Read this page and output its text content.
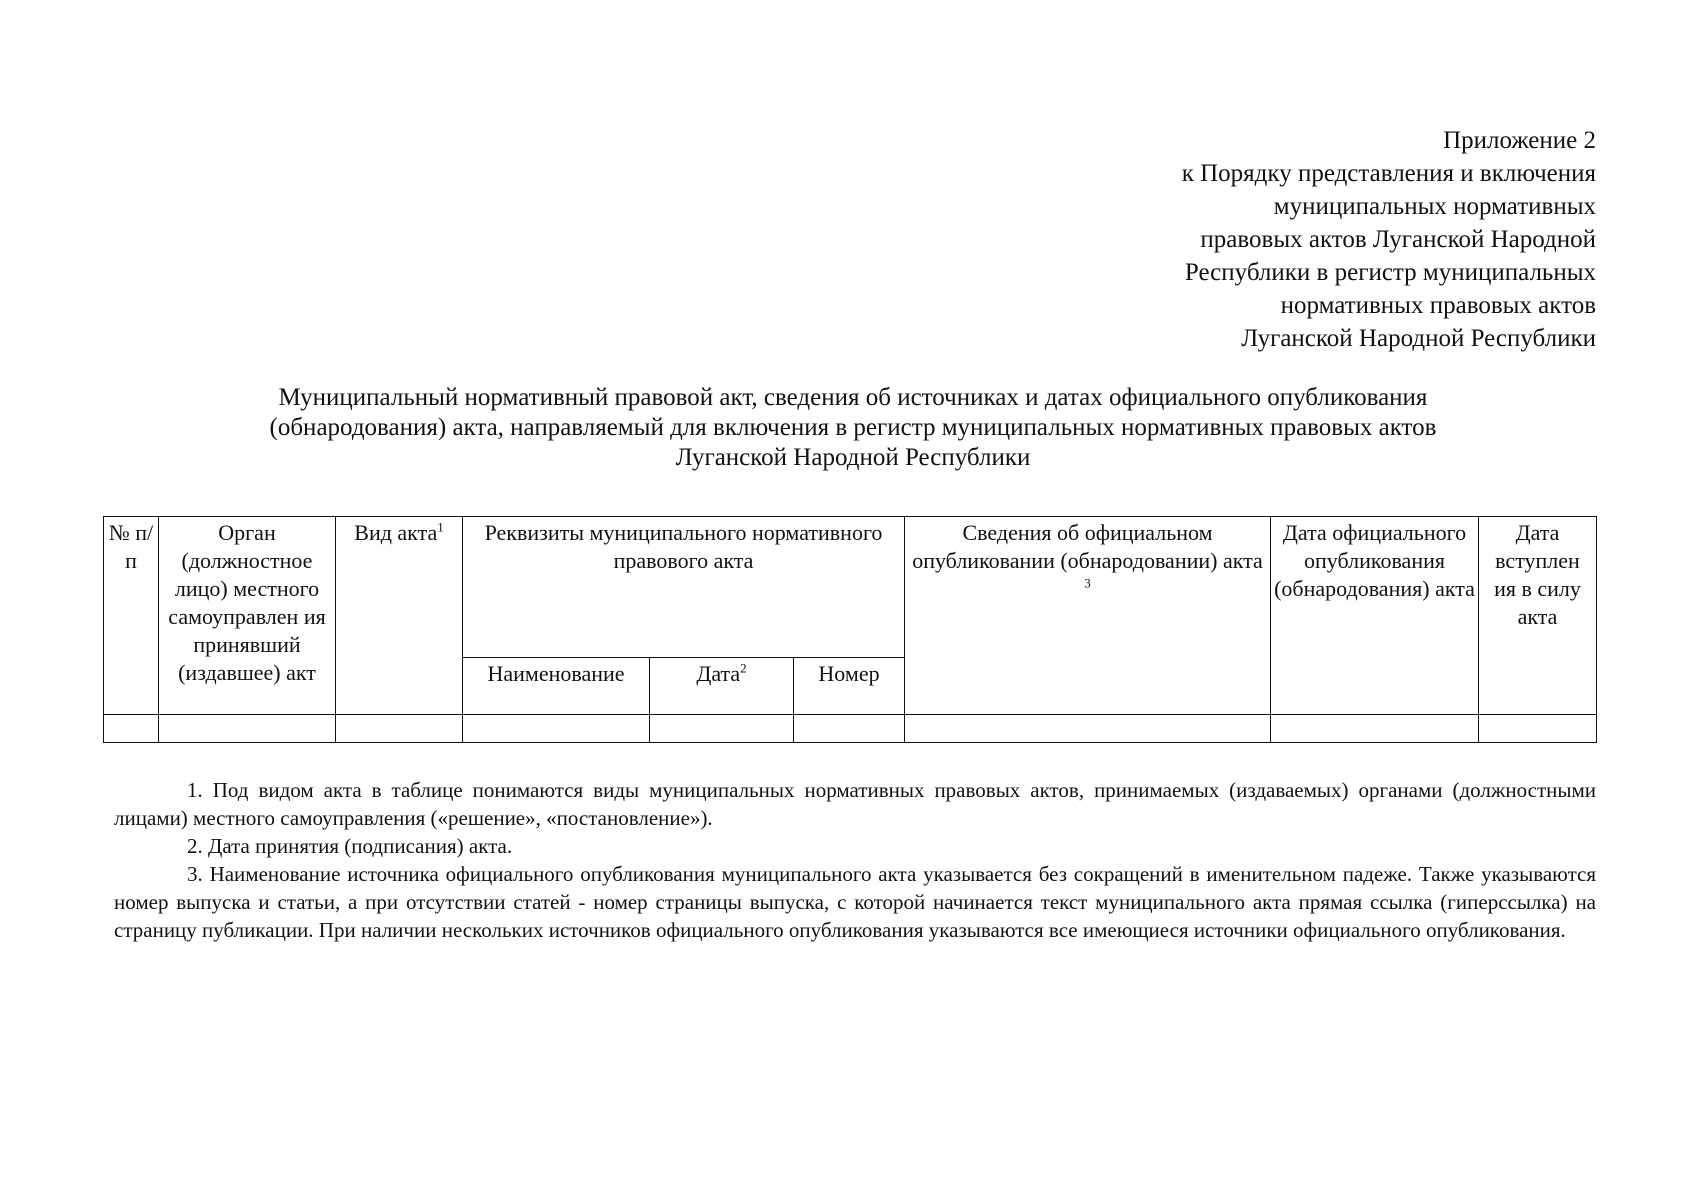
Приложение 2
к Порядку представления и включения
муниципальных нормативных
правовых актов Луганской Народной
Республики в регистр муниципальных
нормативных правовых актов
Луганской Народной Республики
Муниципальный нормативный правовой акт, сведения об источниках и датах официального опубликования
(обнародования) акта, направляемый для включения в регистр муниципальных нормативных правовых актов
Луганской Народной Республики
№ п/п	Орган (должностное лицо) местного самоуправлен ия принявший (издавшее) акт	Вид акта$^1$	Реквизиты муниципального нормативного правового акта			Сведения об официальном опубликовании (обнародовании) акта $^3$	Дата официального опубликования (обнародования) акта	Дата вступлен ия в силу акта
			Наименование	Дата$^2$	Номер			

1. Под видом акта в таблице понимаются виды муниципальных нормативных правовых актов, принимаемых (издаваемых) органами (должностными лицами) местного самоуправления («решение», «постановление»).

2. Дата принятия (подписания) акта.

3. Наименование источника официального опубликования муниципального акта указывается без сокращений в именительном падеже. Также указываются номер выпуска и статьи, а при отсутствии статей - номер страницы выпуска, с которой начинается текст муниципального акта прямая ссылка (гиперссылка) на страницу публикации. При наличии нескольких источников официального опубликования указываются все имеющиеся источники официального опубликования.
